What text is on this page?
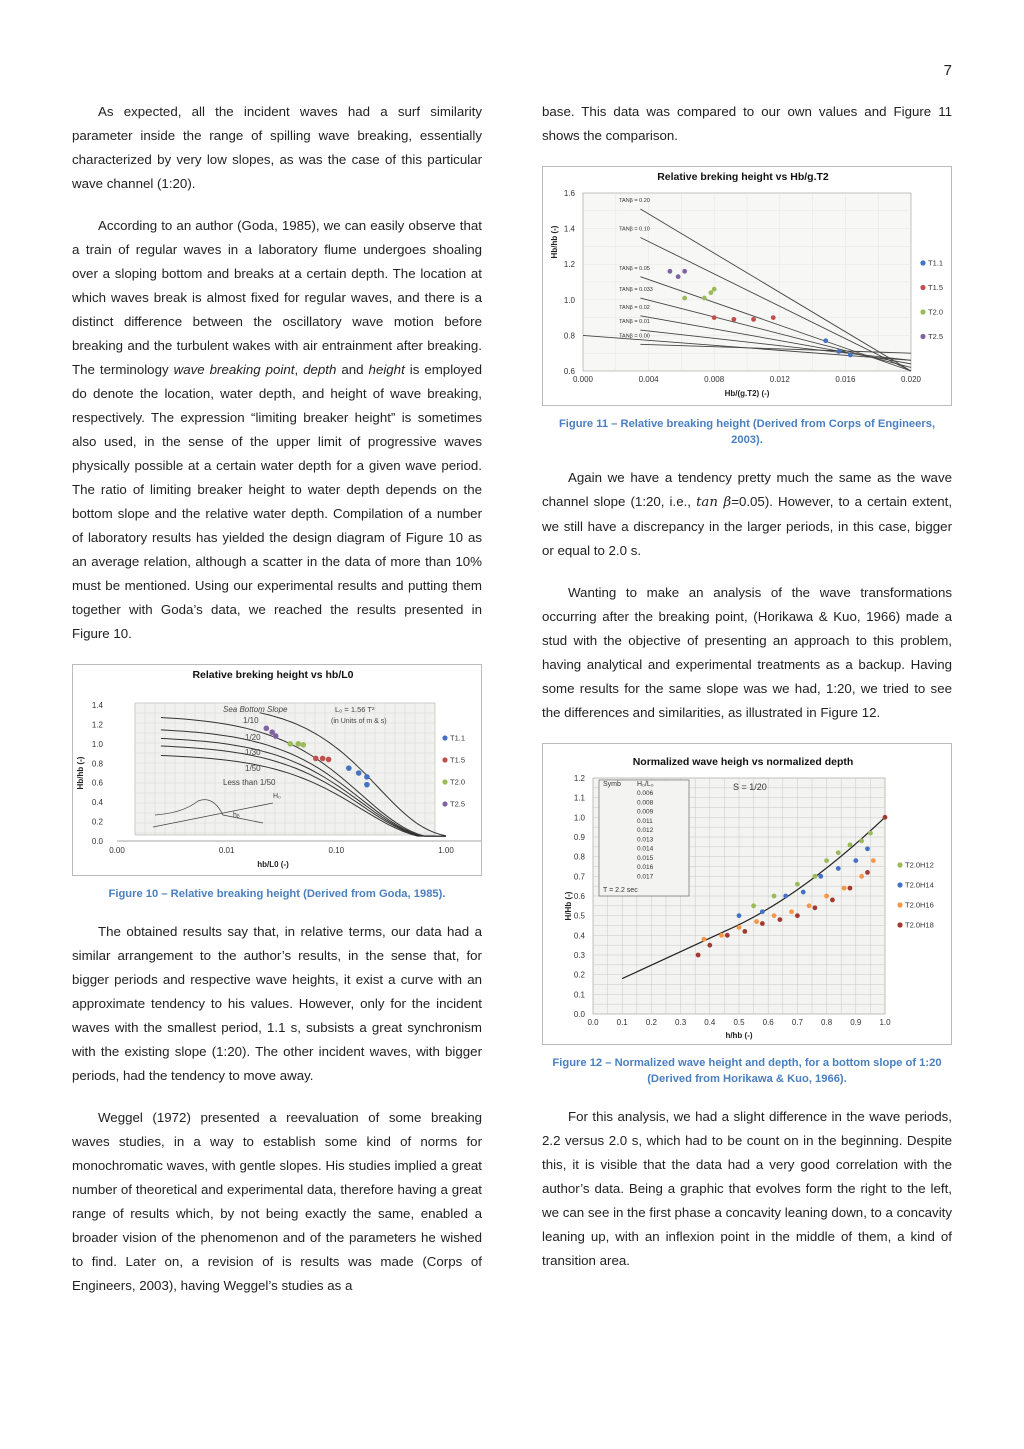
7

As expected, all the incident waves had a surf similarity parameter inside the range of spilling wave breaking, essentially characterized by very low slopes, as was the case of this particular wave channel (1:20).

According to an author (Goda, 1985), we can easily observe that a train of regular waves in a laboratory flume undergoes shoaling over a sloping bottom and breaks at a certain depth. The location at which waves break is almost fixed for regular waves, and there is a distinct difference between the oscillatory wave motion before breaking and the turbulent wakes with air entrainment after breaking. The terminology wave breaking point, depth and height is employed do denote the location, water depth, and height of wave breaking, respectively. The expression “limiting breaker height” is sometimes also used, in the sense of the upper limit of progressive waves physically possible at a certain water depth for a given wave period. The ratio of limiting breaker height to water depth depends on the bottom slope and the relative water depth. Compilation of a number of laboratory results has yielded the design diagram of Figure 10 as an average relation, although a scatter in the data of more than 10% must be mentioned. Using our experimental results and putting them together with Goda’s data, we reached the results presented in Figure 10.

Relative breking height vs hb/L0
Sea Bottom Slope
1/10
1/20
1/30
1/50
Less than 1/50
L₀ = 1.56 T²
(in Units of m & s)
H₀
hᵦ
0.0
0.2
0.4
0.6
0.8
1.0
1.2
1.4
0.00	0.01	0.10	1.00
hb/L0 (-)
Hb/hb (-)
T1.1
T1.5
T2.0
T2.5
Figure 10 – Relative breaking height (Derived from Goda, 1985).

The obtained results say that, in relative terms, our data had a similar arrangement to the author’s results, in the sense that, for bigger periods and respective wave heights, it exist a curve with an approximate tendency to his values. However, only for the incident waves with the smallest period, 1.1 s, subsists a great synchronism with the existing slope (1:20). The other incident waves, with bigger periods, had the tendency to move away.

Weggel (1972) presented a reevaluation of some breaking waves studies, in a way to establish some kind of norms for monochromatic waves, with gentle slopes. His studies implied a great number of theoretical and experimental data, therefore having a great range of results which, by not being exactly the same, enabled a broader vision of the phenomenon and of the parameters he wished to find. Later on, a revision of is results was made (Corps of Engineers, 2003), having Weggel’s studies as a

base. This data was compared to our own values and Figure 11 shows the comparison.

Relative breking height vs Hb/g.T2
TANβ = 0.20
TANβ = 0.10
TANβ = 0.05
TANβ = 0.033
TANβ = 0.02
TANβ = 0.01
TANβ = 0.00
0.6
0.8
1.0
1.2
1.4
1.6
0.000	0.004	0.008	0.012	0.016	0.020
Hb/(g.T2) (-)
Hb/hb (-)
T1.1
T1.5
T2.0
T2.5
Figure 11 – Relative breaking height (Derived from Corps of Engineers, 2003).

Again we have a tendency pretty much the same as the wave channel slope (1:20, i.e., tan β=0.05). However, to a certain extent, we still have a discrepancy in the larger periods, in this case, bigger or equal to 2.0 s.

Wanting to make an analysis of the wave transformations occurring after the breaking point, (Horikawa & Kuo, 1966) made a stud with the objective of presenting an approach to this problem, having analytical and experimental treatments as a backup. Having some results for the same slope was we had, 1:20, we tried to see the differences and similarities, as illustrated in Figure 12.

Normalized wave heigh vs normalized depth
Symb H₀/L₀	S = 1/20
T = 2.2 sec
0.006
0.008
0.009
0.011
0.012
0.013
0.014
0.015
0.016
0.017
0.0
0.1
0.2
0.3
0.4
0.5
0.6
0.7
0.8
0.9
1.0
1.1
1.2
0.0 0.1 0.2 0.3 0.4 0.5 0.6 0.7 0.8 0.9 1.0
h/hb (-)
H/Hb (-)
T2.0H12
T2.0H14
T2.0H16
T2.0H18
Figure 12 – Normalized wave height and depth, for a bottom slope of 1:20 (Derived from Horikawa & Kuo, 1966).

For this analysis, we had a slight difference in the wave periods, 2.2 versus 2.0 s, which had to be count on in the beginning. Despite this, it is visible that the data had a very good correlation with the author’s data. Being a graphic that evolves form the right to the left, we can see in the first phase a concavity leaning down, to a concavity leaning up, with an inflexion point in the middle of them, a kind of transition area.
